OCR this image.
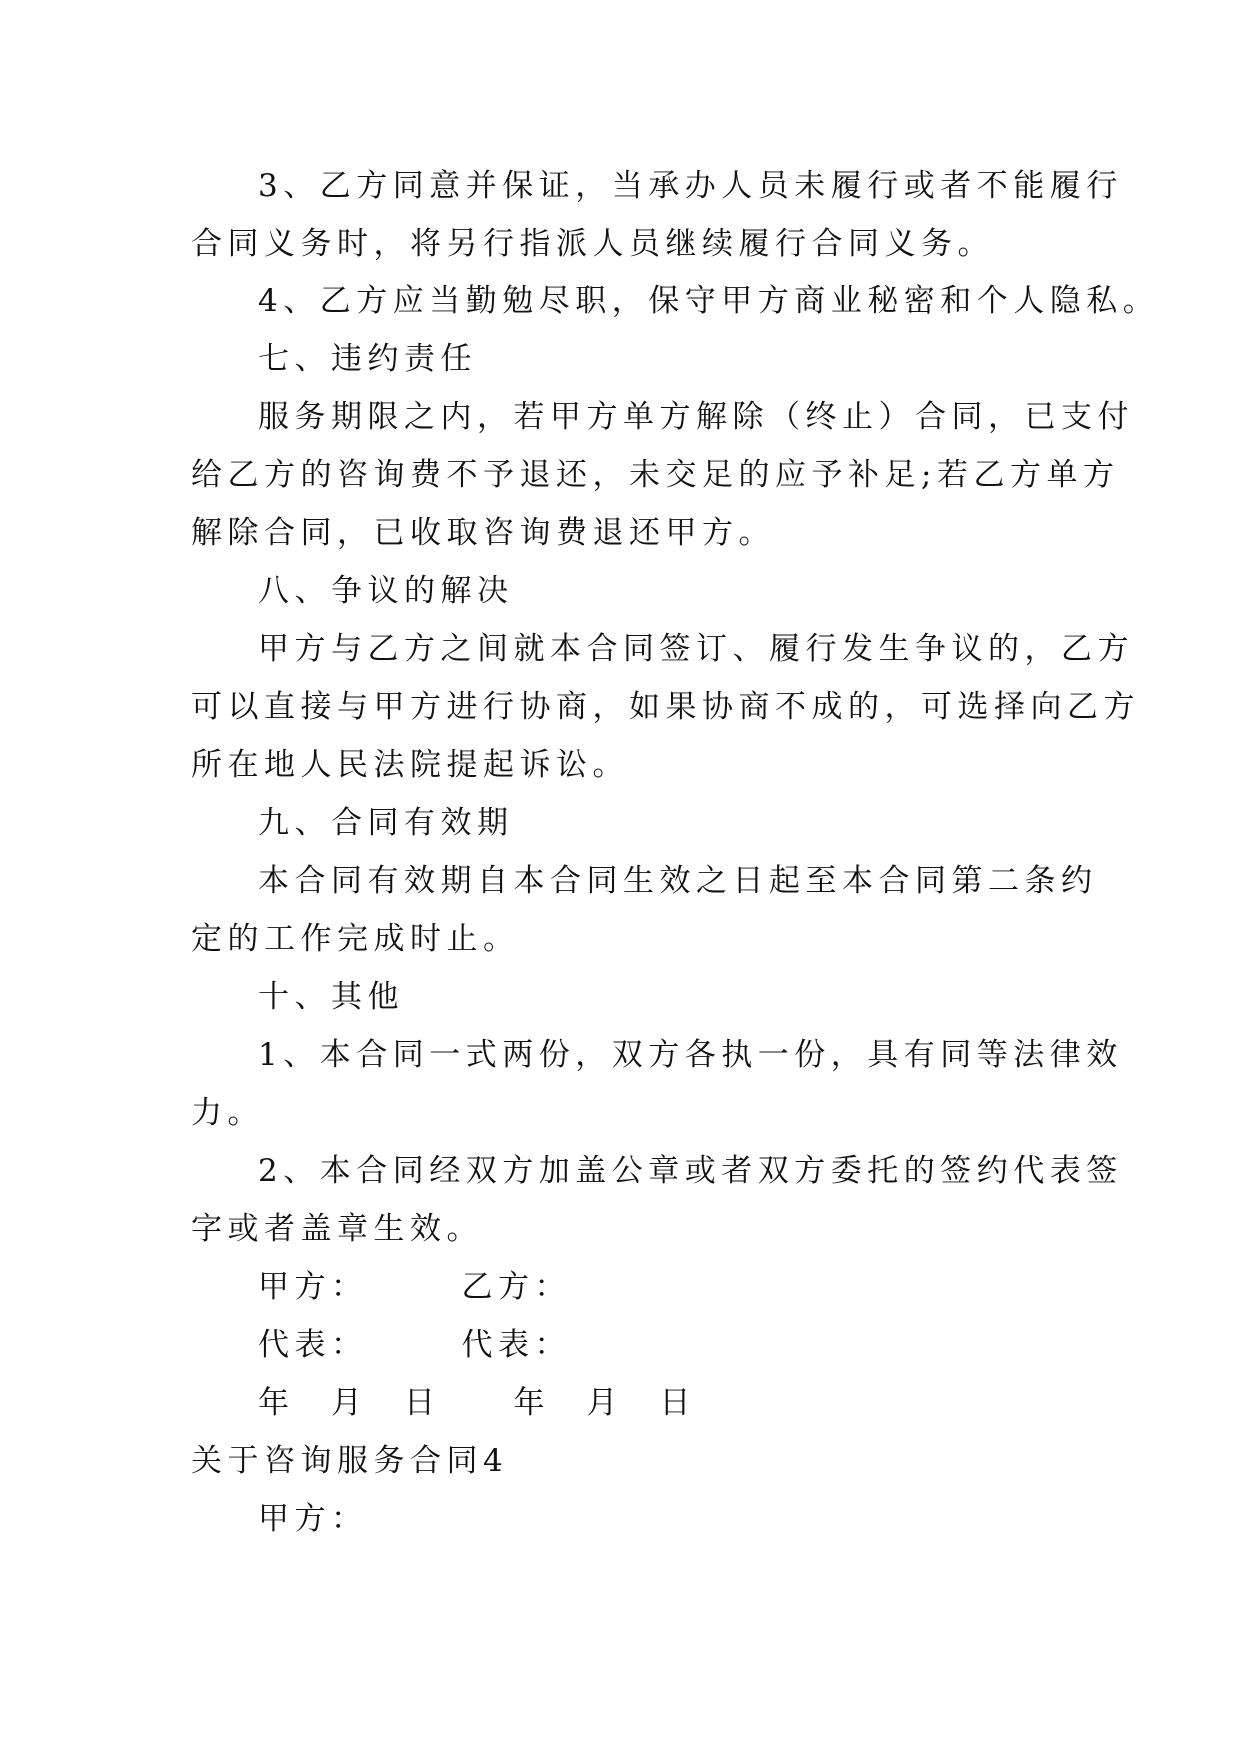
3、乙方同意并保证，当承办人员未履行或者不能履行
合同义务时，将另行指派人员继续履行合同义务。
4、乙方应当勤勉尽职，保守甲方商业秘密和个人隐私。
七、违约责任
服务期限之内，若甲方单方解除（终止）合同，已支付
给乙方的咨询费不予退还，未交足的应予补足;若乙方单方
解除合同，已收取咨询费退还甲方。
八、争议的解决
甲方与乙方之间就本合同签订、履行发生争议的，乙方
可以直接与甲方进行协商，如果协商不成的，可选择向乙方
所在地人民法院提起诉讼。
九、合同有效期
本合同有效期自本合同生效之日起至本合同第二条约
定的工作完成时止。
十、其他
1、本合同一式两份，双方各执一份，具有同等法律效
力。
2、本合同经双方加盖公章或者双方委托的签约代表签
字或者盖章生效。
甲方：　　　乙方：
代表：　　　代表：
年　月　日　　年　月　日
关于咨询服务合同4
甲方：
